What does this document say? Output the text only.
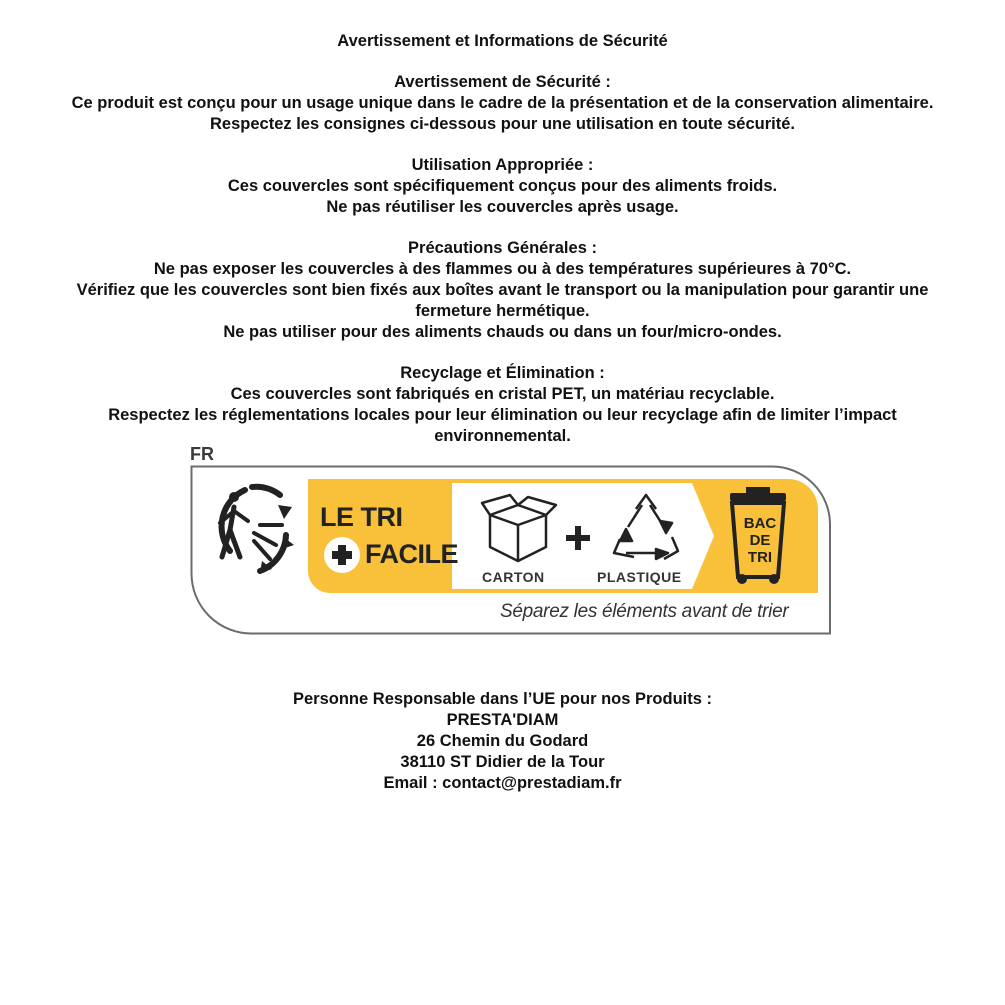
Avertissement et Informations de Sécurité

Avertissement de Sécurité :

Ce produit est conçu pour un usage unique dans le cadre de la présentation et de la conservation alimentaire.

Respectez les consignes ci-dessous pour une utilisation en toute sécurité.

Utilisation Appropriée :

Ces couvercles sont spécifiquement conçus pour des aliments froids.

Ne pas réutiliser les couvercles après usage.

Précautions Générales :

Ne pas exposer les couvercles à des flammes ou à des températures supérieures à 70°C.

Vérifiez que les couvercles sont bien fixés aux boîtes avant le transport ou la manipulation pour garantir une

fermeture hermétique.

Ne pas utiliser pour des aliments chauds ou dans un four/micro-ondes.

Recyclage et Élimination :

Ces couvercles sont fabriqués en cristal PET, un matériau recyclable.

Respectez les réglementations locales pour leur élimination ou leur recyclage afin de limiter l’impact

environnemental.

FR
LE TRI
FACILE
CARTON	PLASTIQUE
BAC
DE
TRI
Séparez les éléments avant de trier

Personne Responsable dans l’UE pour nos Produits :

PRESTA'DIAM

26 Chemin du Godard

38110 ST Didier de la Tour

Email : contact@prestadiam.fr
